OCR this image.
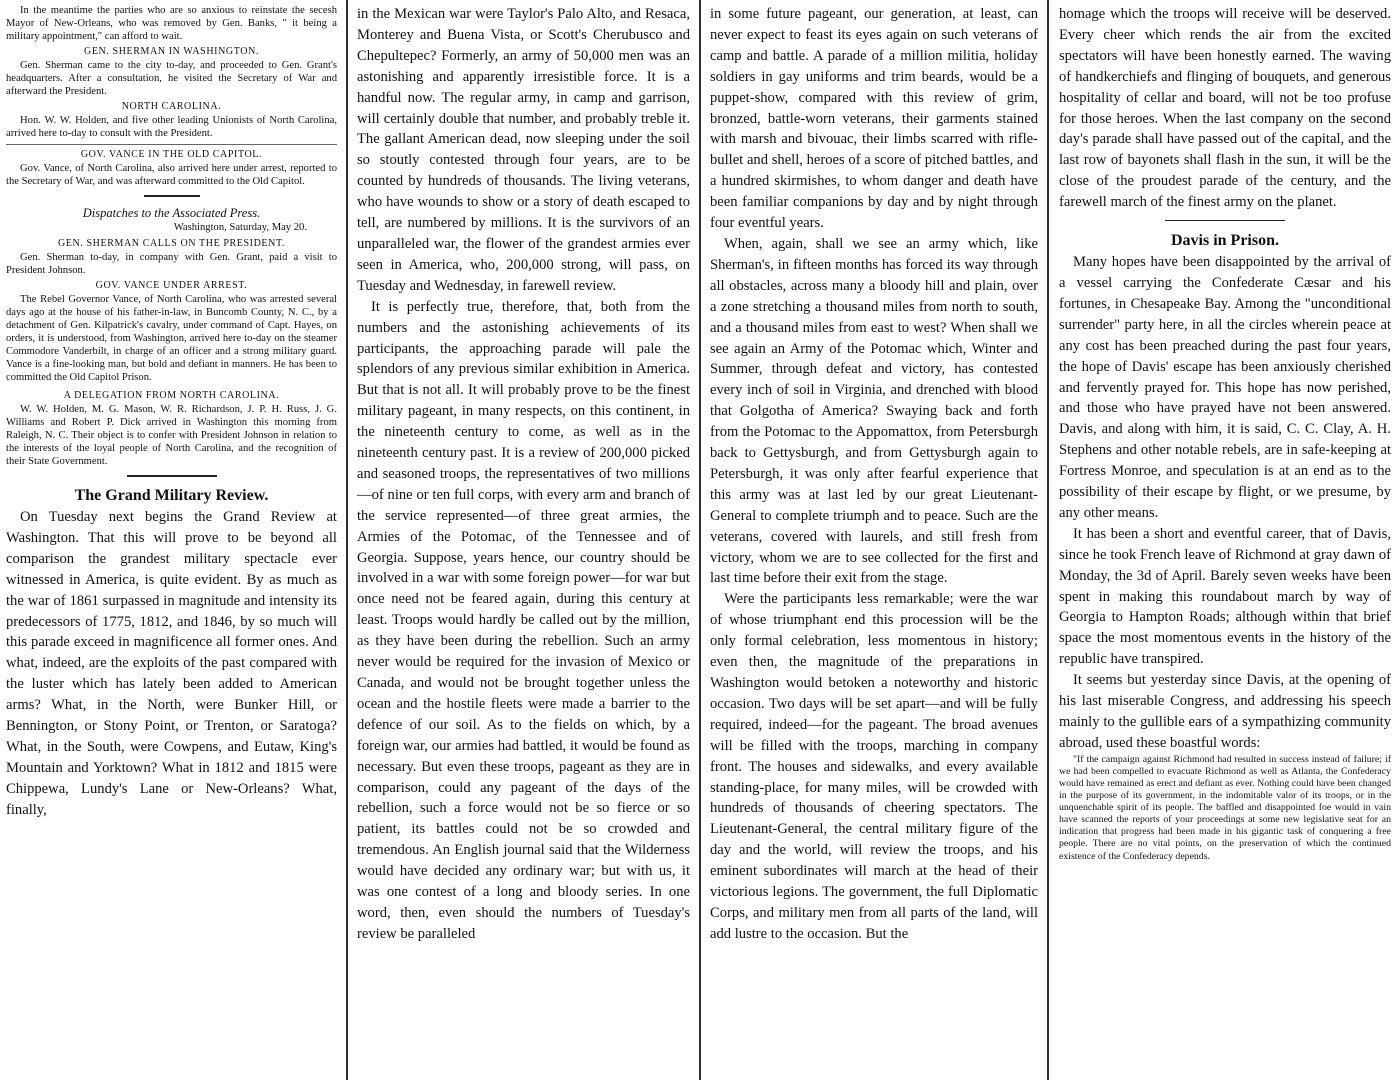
In the meantime the parties who are so anxious to reinstate the secesh Mayor of New-Orleans, who was removed by Gen. Banks, " it being a military appointment," can afford to wait.

GEN. SHERMAN IN WASHINGTON.

Gen. Sherman came to the city to-day, and proceeded to Gen. Grant's headquarters. After a consultation, he visited the Secretary of War and afterward the President.

NORTH CAROLINA.

Hon. W. W. Holden, and five other leading Unionists of North Carolina, arrived here to-day to consult with the President.

GOV. VANCE IN THE OLD CAPITOL.

Gov. Vance, of North Carolina, also arrived here under arrest, reported to the Secretary of War, and was afterward committed to the Old Capitol.

Dispatches to the Associated Press.
Washington, Saturday, May 20.
GEN. SHERMAN CALLS ON THE PRESIDENT.

Gen. Sherman to-day, in company with Gen. Grant, paid a visit to President Johnson.

GOV. VANCE UNDER ARREST.

The Rebel Governor Vance, of North Carolina, who was arrested several days ago at the house of his father-in-law, in Buncomb County, N. C., by a detachment of Gen. Kilpatrick's cavalry, under command of Capt. Hayes, on orders, it is understood, from Washington, arrived here to-day on the steamer Commodore Vanderbilt, in charge of an officer and a strong military guard. Vance is a fine-looking man, but bold and defiant in manners. He has been to committed the Old Capitol Prison.

A DELEGATION FROM NORTH CAROLINA.

W. W. Holden, M. G. Mason, W. R. Richardson, J. P. H. Russ, J. G. Williams and Robert P. Dick arrived in Washington this morning from Raleigh, N. C. Their object is to confer with President Johnson in relation to the interests of the loyal people of North Carolina, and the recognition of their State Government.

The Grand Military Review.

On Tuesday next begins the Grand Review at Washington. That this will prove to be beyond all comparison the grandest military spectacle ever witnessed in America, is quite evident. By as much as the war of 1861 surpassed in magnitude and intensity its predecessors of 1775, 1812, and 1846, by so much will this parade exceed in magnificence all former ones. And what, indeed, are the exploits of the past compared with the luster which has lately been added to American arms? What, in the North, were Bunker Hill, or Bennington, or Stony Point, or Trenton, or Saratoga? What, in the South, were Cowpens, and Eutaw, King's Mountain and Yorktown? What in 1812 and 1815 were Chippewa, Lundy's Lane or New-Orleans? What, finally,

in the Mexican war were Taylor's Palo Alto, and Resaca, Monterey and Buena Vista, or Scott's Cherubusco and Chepultepec? Formerly, an army of 50,000 men was an astonishing and apparently irresistible force. It is a handful now. The regular army, in camp and garrison, will certainly double that number, and probably treble it. The gallant American dead, now sleeping under the soil so stoutly contested through four years, are to be counted by hundreds of thousands. The living veterans, who have wounds to show or a story of death escaped to tell, are numbered by millions. It is the survivors of an unparalleled war, the flower of the grandest armies ever seen in America, who, 200,000 strong, will pass, on Tuesday and Wednesday, in farewell review.

It is perfectly true, therefore, that, both from the numbers and the astonishing achievements of its participants, the approaching parade will pale the splendors of any previous similar exhibition in America. But that is not all. It will probably prove to be the finest military pageant, in many respects, on this continent, in the nineteenth century to come, as well as in the nineteenth century past. It is a review of 200,000 picked and seasoned troops, the representatives of two millions—of nine or ten full corps, with every arm and branch of the service represented—of three great armies, the Armies of the Potomac, of the Tennessee and of Georgia. Suppose, years hence, our country should be involved in a war with some foreign power—for war but once need not be feared again, during this century at least. Troops would hardly be called out by the million, as they have been during the rebellion. Such an army never would be required for the invasion of Mexico or Canada, and would not be brought together unless the ocean and the hostile fleets were made a barrier to the defence of our soil. As to the fields on which, by a foreign war, our armies had battled, it would be found as necessary. But even these troops, pageant as they are in comparison, could any pageant of the days of the rebellion, such a force would not be so fierce or so patient, its battles could not be so crowded and tremendous. An English journal said that the Wilderness would have decided any ordinary war; but with us, it was one contest of a long and bloody series. In one word, then, even should the numbers of Tuesday's review be paralleled

in some future pageant, our generation, at least, can never expect to feast its eyes again on such veterans of camp and battle. A parade of a million militia, holiday soldiers in gay uniforms and trim beards, would be a puppet-show, compared with this review of grim, bronzed, battle-worn veterans, their garments stained with marsh and bivouac, their limbs scarred with rifle-bullet and shell, heroes of a score of pitched battles, and a hundred skirmishes, to whom danger and death have been familiar companions by day and by night through four eventful years.

When, again, shall we see an army which, like Sherman's, in fifteen months has forced its way through all obstacles, across many a bloody hill and plain, over a zone stretching a thousand miles from north to south, and a thousand miles from east to west? When shall we see again an Army of the Potomac which, Winter and Summer, through defeat and victory, has contested every inch of soil in Virginia, and drenched with blood that Golgotha of America? Swaying back and forth from the Potomac to the Appomattox, from Petersburgh back to Gettysburgh, and from Gettysburgh again to Petersburgh, it was only after fearful experience that this army was at last led by our great Lieutenant-General to complete triumph and to peace. Such are the veterans, covered with laurels, and still fresh from victory, whom we are to see collected for the first and last time before their exit from the stage.

Were the participants less remarkable; were the war of whose triumphant end this procession will be the only formal celebration, less momentous in history; even then, the magnitude of the preparations in Washington would betoken a noteworthy and historic occasion. Two days will be set apart—and will be fully required, indeed—for the pageant. The broad avenues will be filled with the troops, marching in company front. The houses and sidewalks, and every available standing-place, for many miles, will be crowded with hundreds of thousands of cheering spectators. The Lieutenant-General, the central military figure of the day and the world, will review the troops, and his eminent subordinates will march at the head of their victorious legions. The government, the full Diplomatic Corps, and military men from all parts of the land, will add lustre to the occasion. But the

homage which the troops will receive will be deserved. Every cheer which rends the air from the excited spectators will have been honestly earned. The waving of handkerchiefs and flinging of bouquets, and generous hospitality of cellar and board, will not be too profuse for those heroes. When the last company on the second day's parade shall have passed out of the capital, and the last row of bayonets shall flash in the sun, it will be the close of the proudest parade of the century, and the farewell march of the finest army on the planet.

Davis in Prison.

Many hopes have been disappointed by the arrival of a vessel carrying the Confederate Cæsar and his fortunes, in Chesapeake Bay. Among the "unconditional surrender" party here, in all the circles wherein peace at any cost has been preached during the past four years, the hope of Davis' escape has been anxiously cherished and fervently prayed for. This hope has now perished, and those who have prayed have not been answered. Davis, and along with him, it is said, C. C. Clay, A. H. Stephens and other notable rebels, are in safe-keeping at Fortress Monroe, and speculation is at an end as to the possibility of their escape by flight, or we presume, by any other means.

It has been a short and eventful career, that of Davis, since he took French leave of Richmond at gray dawn of Monday, the 3d of April. Barely seven weeks have been spent in making this roundabout march by way of Georgia to Hampton Roads; although within that brief space the most momentous events in the history of the republic have transpired.

It seems but yesterday since Davis, at the opening of his last miserable Congress, and addressing his speech mainly to the gullible ears of a sympathizing community abroad, used these boastful words:

"If the campaign against Richmond had resulted in success instead of failure; if we had been compelled to evacuate Richmond as well as Atlanta, the Confederacy would have remained as erect and defiant as ever. Nothing could have been changed in the purpose of its government, in the indomitable valor of its troops, or in the unquenchable spirit of its people. The baffled and disappointed foe would in vain have scanned the reports of your proceedings at some new legislative seat for an indication that progress had been made in his gigantic task of conquering a free people. There are no vital points, on the preservation of which the continued existence of the Confederacy depends.
